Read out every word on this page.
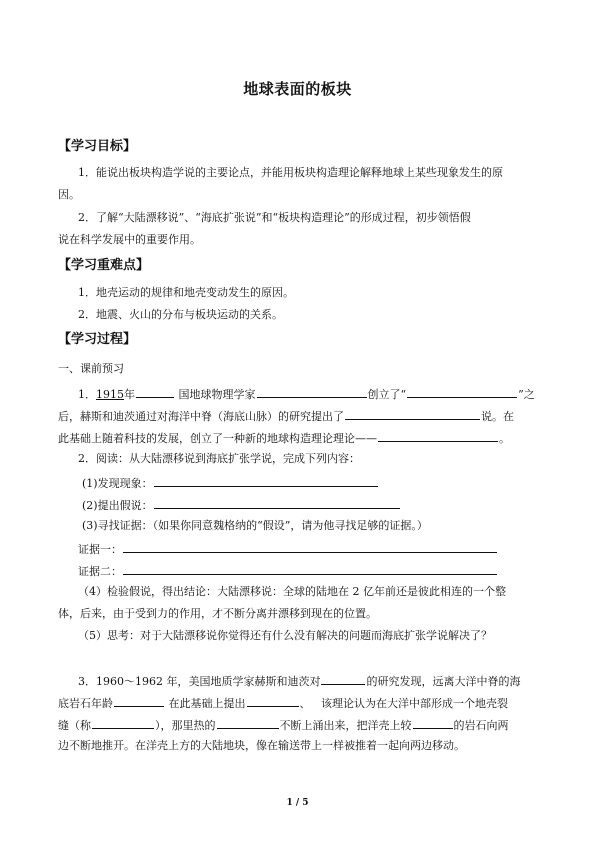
地球表面的板块
【学习目标】
1．能说出板块构造学说的主要论点，并能用板块构造理论解释地球上某些现象发生的原
因。
2．了解“大陆漂移说”、“海底扩张说”和“板块构造理论”的形成过程，初步领悟假
说在科学发展中的重要作用。
【学习重难点】
1．地壳运动的规律和地壳变动发生的原因。
2．地震、火山的分布与板块运动的关系。
【学习过程】
一、课前预习
1．1915年	国地球物理学家	创立了“	”之
后，赫斯和迪茨通过对海洋中脊（海底山脉）的研究提出了	说。在
此基础上随着科技的发展，创立了一种新的地球构造理论理论——	。
2．阅读：从大陆漂移说到海底扩张学说，完成下列内容：
(1)发现现象：
(2)提出假说：
(3)寻找证据：（如果你同意魏格纳的“假设”，请为他寻找足够的证据。）
证据一：
证据二：
（4）检验假说，得出结论：大陆漂移说：全球的陆地在 2 亿年前还是彼此相连的一个整
体，后来，由于受到力的作用，才不断分离并漂移到现在的位置。
（5）思考：对于大陆漂移说你觉得还有什么没有解决的问题而海底扩张学说解决了？
3．1960～1962 年，美国地质学家赫斯和迪茨对	的研究发现，远离大洋中脊的海
底岩石年龄	在此基础上提出	、 该理论认为在大洋中部形成一个地壳裂
缝（称	），那里热的	不断上涌出来，把洋壳上较	的岩石向两
边不断地推开。在洋壳上方的大陆地块，像在输送带上一样被推着一起向两边移动。
1 / 5
